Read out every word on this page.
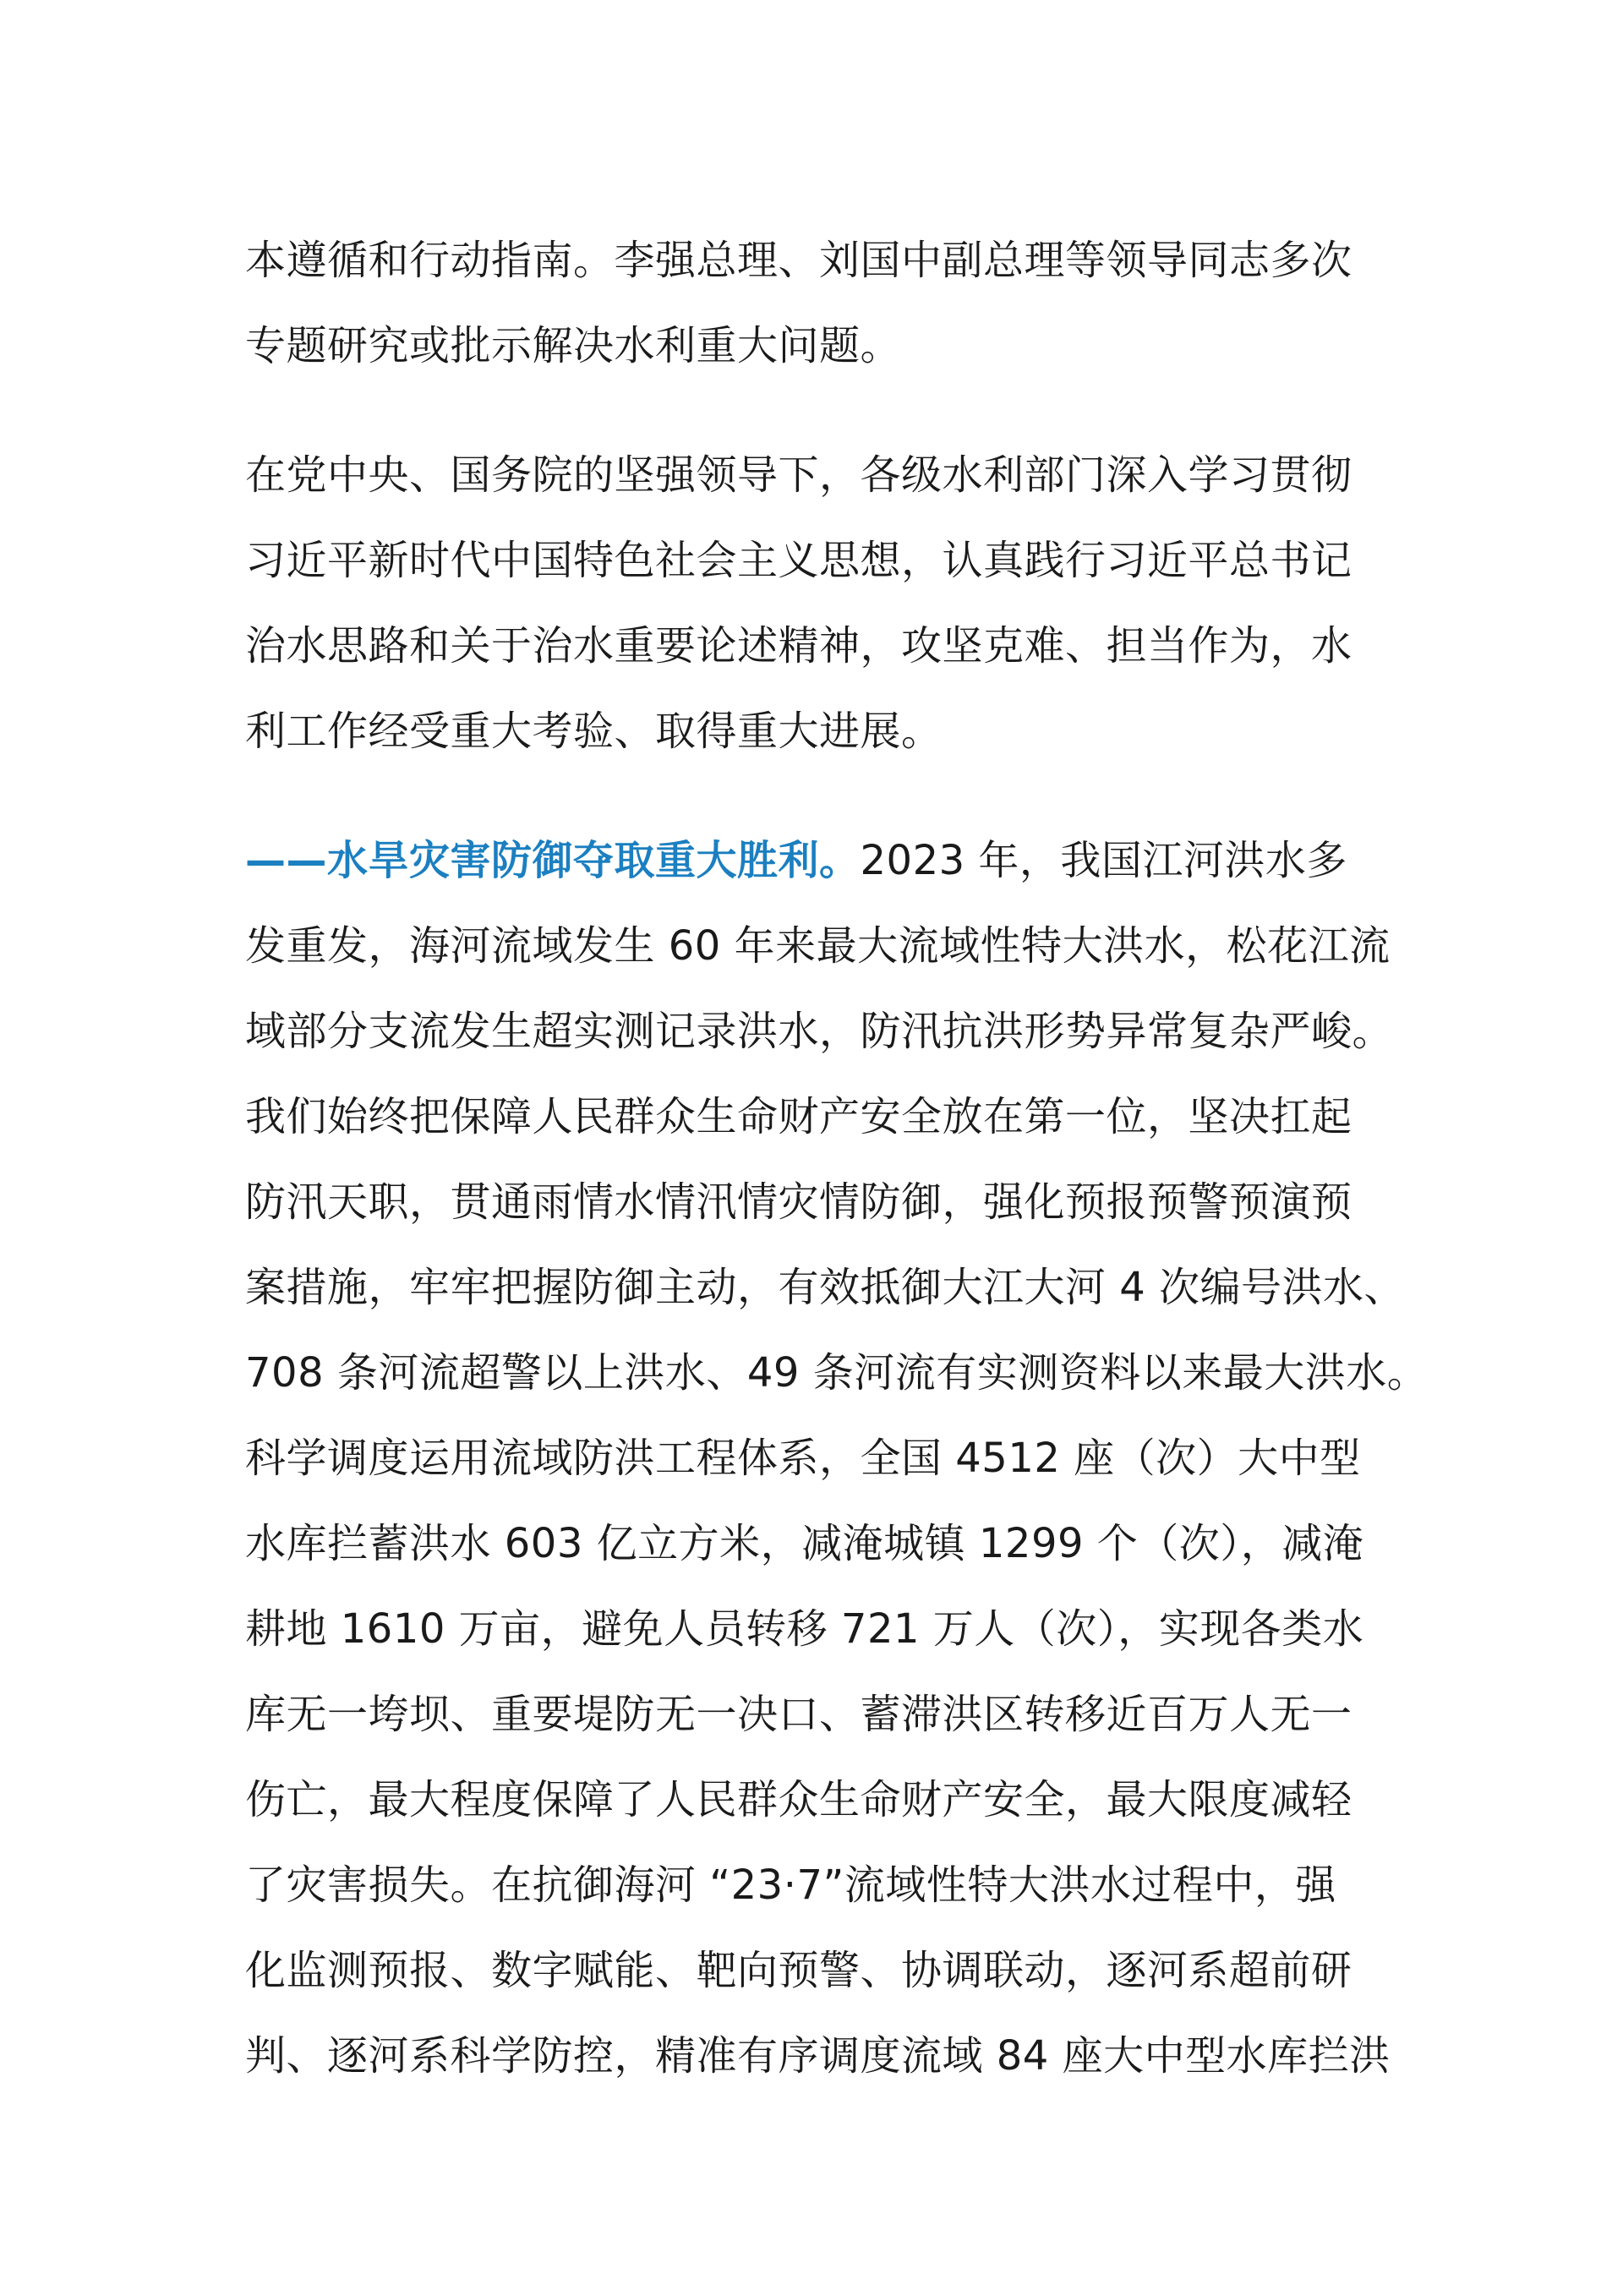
本遵循和行动指南。李强总理、刘国中副总理等领导同志多次
专题研究或批示解决水利重大问题。

在党中央、国务院的坚强领导下，各级水利部门深入学习贯彻
习近平新时代中国特色社会主义思想，认真践行习近平总书记
治水思路和关于治水重要论述精神，攻坚克难、担当作为，水
利工作经受重大考验、取得重大进展。

——水旱灾害防御夺取重大胜利。2023 年，我国江河洪水多
发重发，海河流域发生 60 年来最大流域性特大洪水，松花江流
域部分支流发生超实测记录洪水，防汛抗洪形势异常复杂严峻。
我们始终把保障人民群众生命财产安全放在第一位，坚决扛起
防汛天职，贯通雨情水情汛情灾情防御，强化预报预警预演预
案措施，牢牢把握防御主动，有效抵御大江大河 4 次编号洪水、
708 条河流超警以上洪水、49 条河流有实测资料以来最大洪水。
科学调度运用流域防洪工程体系，全国 4512 座（次）大中型
水库拦蓄洪水 603 亿立方米，减淹城镇 1299 个（次），减淹
耕地 1610 万亩，避免人员转移 721 万人（次），实现各类水
库无一垮坝、重要堤防无一决口、蓄滞洪区转移近百万人无一
伤亡，最大程度保障了人民群众生命财产安全，最大限度减轻
了灾害损失。在抗御海河 “23·7”流域性特大洪水过程中，强
化监测预报、数字赋能、靶向预警、协调联动，逐河系超前研
判、逐河系科学防控，精准有序调度流域 84 座大中型水库拦洪
